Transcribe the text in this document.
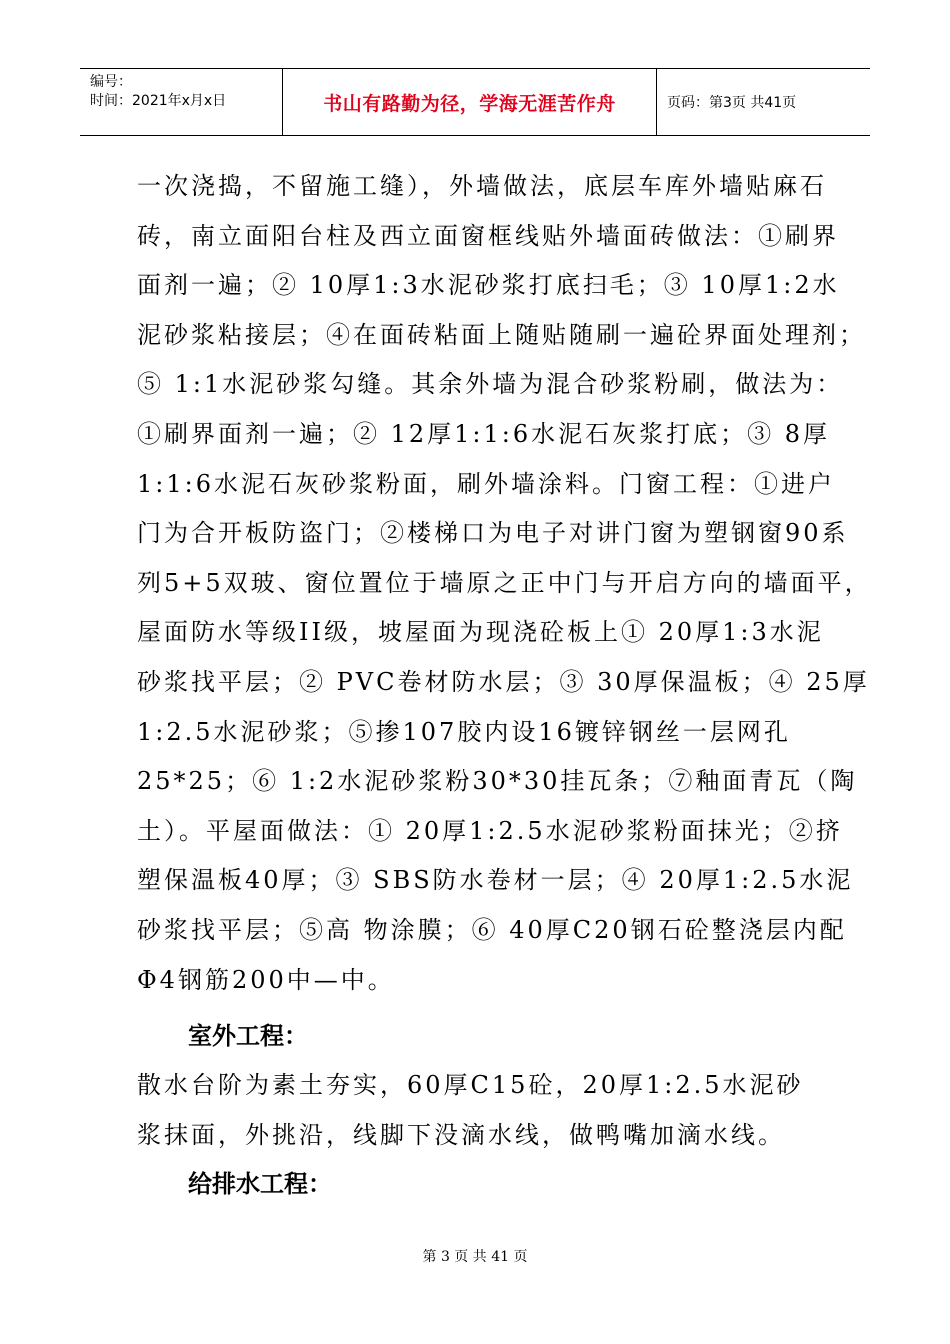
编号：
时间：2021年x月x日	书山有路勤为径，学海无涯苦作舟	页码：第3页 共41页
一次浇捣，不留施工缝），外墙做法，底层车库外墙贴麻石
砖，南立面阳台柱及西立面窗框线贴外墙面砖做法：①刷界
面剂一遍；② 10厚1:3水泥砂浆打底扫毛；③ 10厚1:2水
泥砂浆粘接层；④在面砖粘面上随贴随刷一遍砼界面处理剂；
⑤ 1:1水泥砂浆勾缝。其余外墙为混合砂浆粉刷，做法为：
①刷界面剂一遍；② 12厚1:1:6水泥石灰浆打底；③ 8厚
1:1:6水泥石灰砂浆粉面，刷外墙涂料。门窗工程：①进户
门为合开板防盗门；②楼梯口为电子对讲门窗为塑钢窗90系
列5+5双玻、窗位置位于墙原之正中门与开启方向的墙面平，
屋面防水等级II级，坡屋面为现浇砼板上① 20厚1:3水泥
砂浆找平层；② PVC卷材防水层；③ 30厚保温板；④ 25厚
1:2.5水泥砂浆；⑤掺107胶内设16镀锌钢丝一层网孔
25*25；⑥ 1:2水泥砂浆粉30*30挂瓦条；⑦釉面青瓦（陶
土）。平屋面做法：① 20厚1:2.5水泥砂浆粉面抹光；②挤
塑保温板40厚；③ SBS防水卷材一层；④ 20厚1:2.5水泥
砂浆找平层；⑤高 物涂膜；⑥ 40厚C20钢石砼整浇层内配
Φ4钢筋200中—中。
室外工程：
散水台阶为素土夯实，60厚C15砼，20厚1:2.5水泥砂
浆抹面，外挑沿，线脚下没滴水线，做鸭嘴加滴水线。
给排水工程：
第 3 页 共 41 页
